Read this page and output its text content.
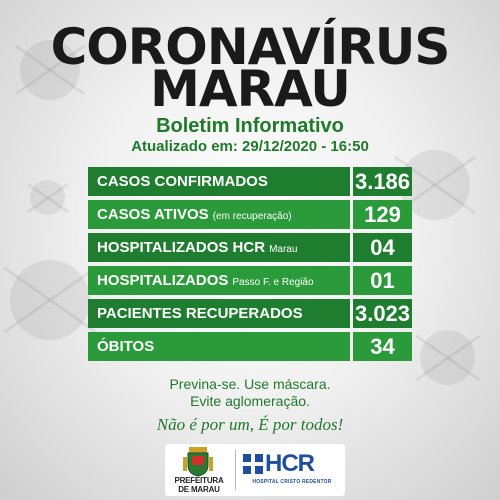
CORONAVÍRUS
MARAU
Boletim Informativo
Atualizado em: 29/12/2020 - 16:50
CASOS CONFIRMADOS	3.186
CASOS ATIVOS (em recuperação)	129
HOSPITALIZADOS HCR Marau	04
HOSPITALIZADOS Passo F. e Região	01
PACIENTES RECUPERADOS	3.023
ÓBITOS	34
Previna-se. Use máscara.
Evite aglomeração.
Não é por um, É por todos!
PREFEITURA
DE MARAU
HCR
HOSPITAL CRISTO REDENTOR
